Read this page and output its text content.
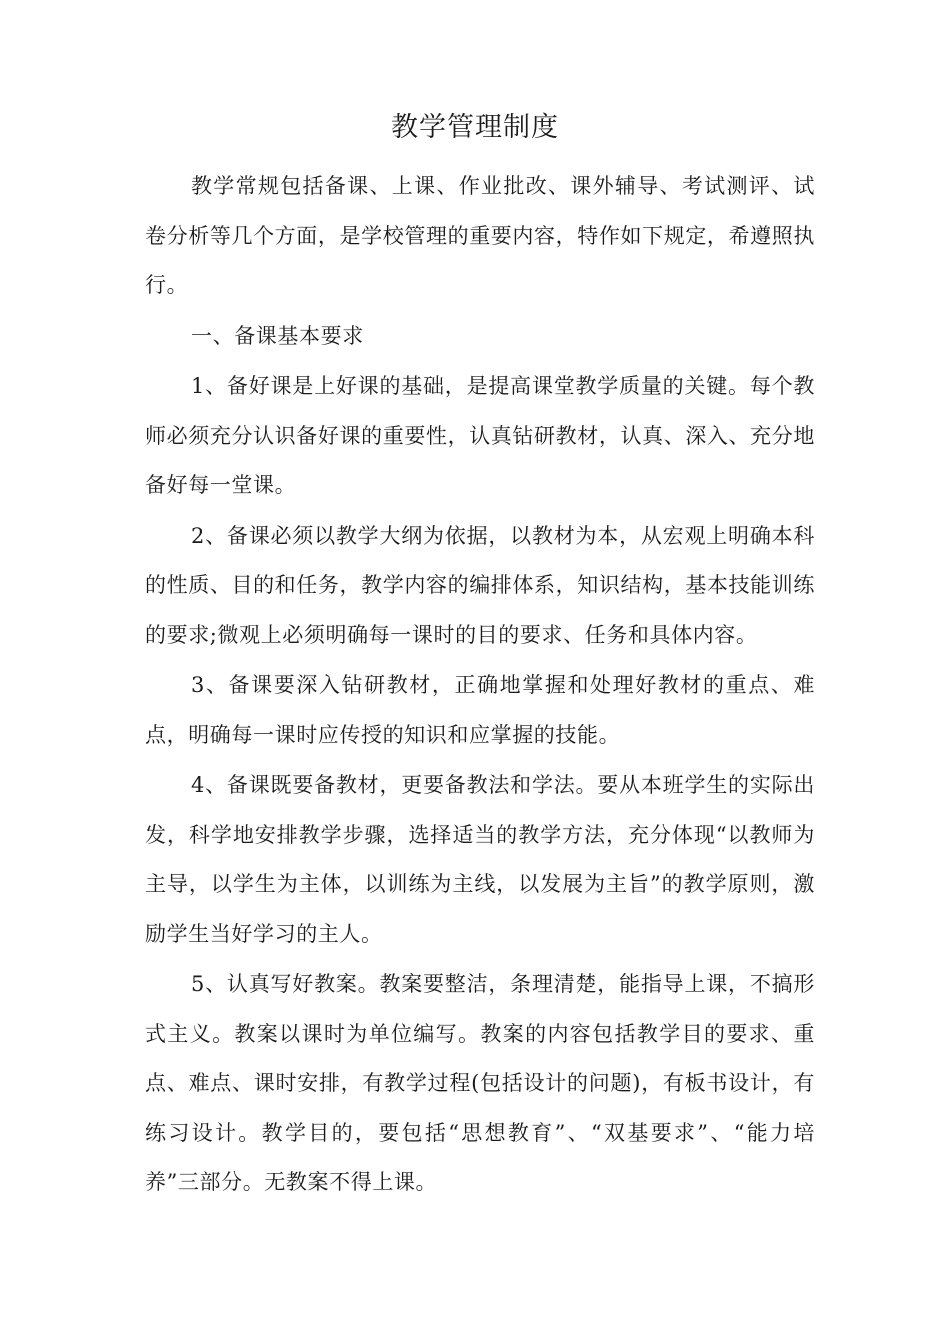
教学管理制度

教学常规包括备课、上课、作业批改、课外辅导、考试测评、试卷分析等几个方面，是学校管理的重要内容，特作如下规定，希遵照执行。

一、备课基本要求

1、备好课是上好课的基础，是提高课堂教学质量的关键。每个教师必须充分认识备好课的重要性，认真钻研教材，认真、深入、充分地备好每一堂课。

2、备课必须以教学大纲为依据，以教材为本，从宏观上明确本科的性质、目的和任务，教学内容的编排体系，知识结构，基本技能训练的要求;微观上必须明确每一课时的目的要求、任务和具体内容。

3、备课要深入钻研教材，正确地掌握和处理好教材的重点、难点，明确每一课时应传授的知识和应掌握的技能。

4、备课既要备教材，更要备教法和学法。要从本班学生的实际出发，科学地安排教学步骤，选择适当的教学方法，充分体现“以教师为主导，以学生为主体，以训练为主线，以发展为主旨”的教学原则，激励学生当好学习的主人。

5、认真写好教案。教案要整洁，条理清楚，能指导上课，不搞形式主义。教案以课时为单位编写。教案的内容包括教学目的要求、重点、难点、课时安排，有教学过程(包括设计的问题)，有板书设计，有练习设计。教学目的，要包括“思想教育”、“双基要求”、“能力培养”三部分。无教案不得上课。
